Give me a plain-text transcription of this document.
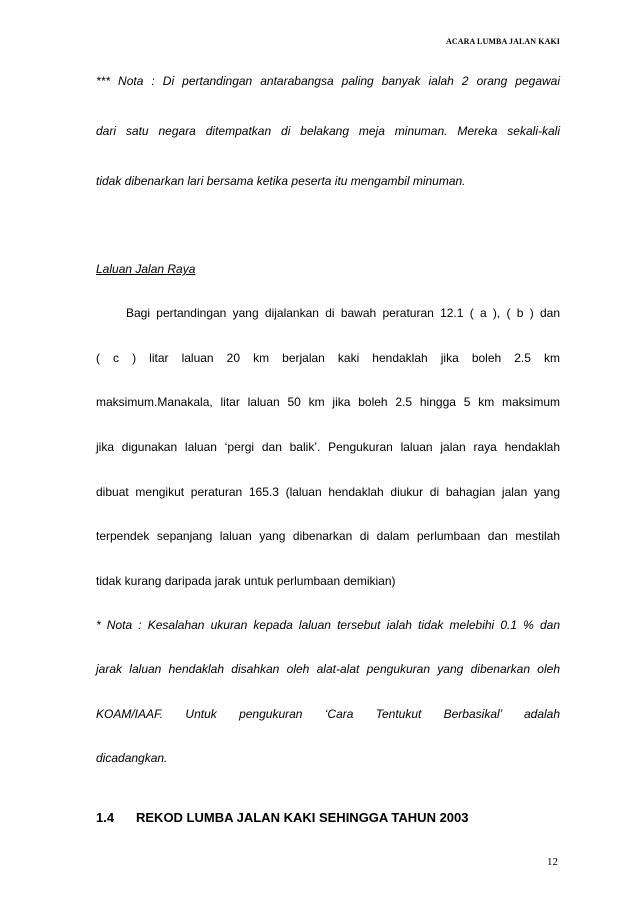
ACARA LUMBA JALAN KAKI
*** Nota : Di pertandingan antarabangsa paling banyak ialah 2 orang pegawai
dari satu negara ditempatkan di belakang meja minuman. Mereka sekali-kali
tidak dibenarkan lari bersama ketika peserta itu mengambil minuman.
Laluan Jalan Raya
Bagi pertandingan yang dijalankan di bawah peraturan 12.1 ( a ), ( b ) dan
( c ) litar laluan 20 km berjalan kaki hendaklah jika boleh 2.5 km
maksimum.Manakala, litar laluan 50 km jika boleh 2.5 hingga 5 km maksimum
jika digunakan laluan ‘pergi dan balik’. Pengukuran laluan jalan raya hendaklah
dibuat mengikut peraturan 165.3 (laluan hendaklah diukur di bahagian jalan yang
terpendek sepanjang laluan yang dibenarkan di dalam perlumbaan dan mestilah
tidak kurang daripada jarak untuk perlumbaan demikian)
* Nota : Kesalahan ukuran kepada laluan tersebut ialah tidak melebihi 0.1 % dan
jarak laluan hendaklah disahkan oleh alat-alat pengukuran yang dibenarkan oleh
KOAM/IAAF. Untuk pengukuran ‘Cara Tentukut Berbasikal’ adalah
dicadangkan.
1.4 REKOD LUMBA JALAN KAKI SEHINGGA TAHUN 2003
12
